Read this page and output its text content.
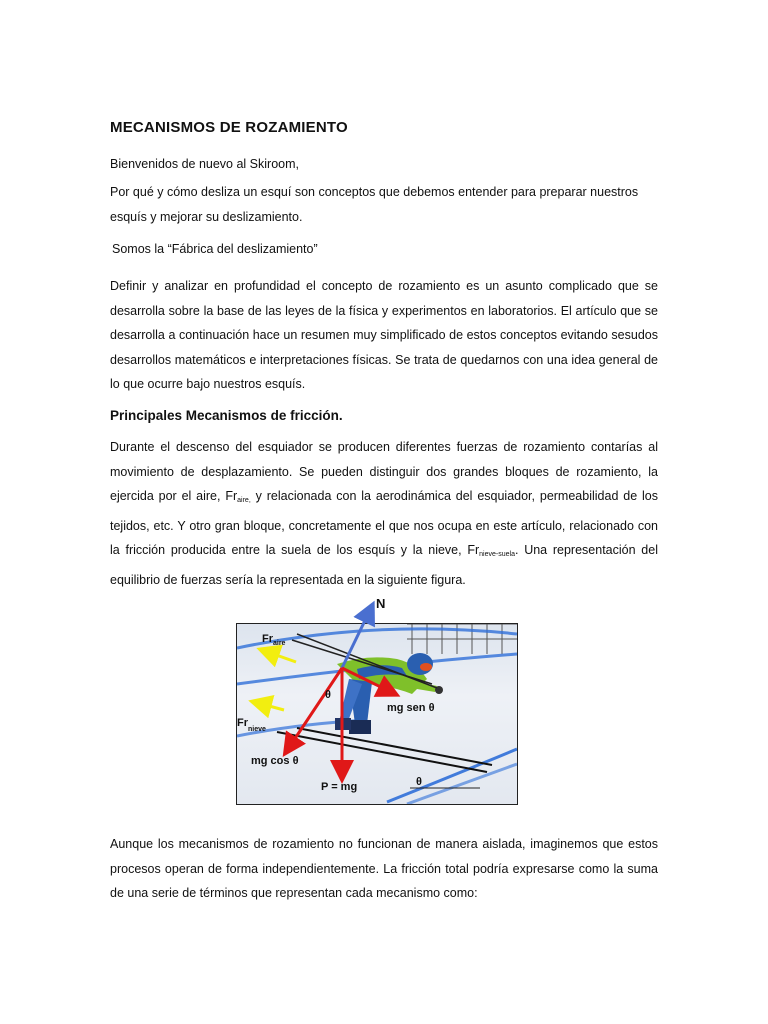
MECANISMOS DE ROZAMIENTO
Bienvenidos de nuevo al Skiroom,
Por qué y cómo desliza un esquí son conceptos que debemos entender para preparar nuestros
esquís y mejorar su deslizamiento.
Somos la “Fábrica del deslizamiento”
Definir y analizar en profundidad el concepto de rozamiento es un asunto complicado que se desarrolla sobre la base de las leyes de la física y experimentos en laboratorios. El artículo que se desarrolla a continuación hace un resumen muy simplificado de estos conceptos evitando sesudos desarrollos matemáticos e interpretaciones físicas. Se trata de quedarnos con una idea general de lo que ocurre bajo nuestros esquís.
Principales Mecanismos de fricción.
Durante el descenso del esquiador se producen diferentes fuerzas de rozamiento contarías al movimiento de desplazamiento. Se pueden distinguir dos grandes bloques de rozamiento, la ejercida por el aire, $Fr_{aire,}$ y relacionada con la aerodinámica del esquiador, permeabilidad de los tejidos, etc. Y otro gran bloque, concretamente el que nos ocupa en este artículo, relacionado con la fricción producida entre la suela de los esquís y la nieve, $Fr_{nieve-suela}$. Una representación del equilibrio de fuerzas sería la representada en la siguiente figura.
N
$Fr_{aire}$
$Fr_{nieve}$
θ
mg sen θ
mg cos θ
P = mg	θ
Aunque los mecanismos de rozamiento no funcionan de manera aislada, imaginemos que estos procesos operan de forma independientemente. La fricción total podría expresarse como la suma de una serie de términos que representan cada mecanismo como:
